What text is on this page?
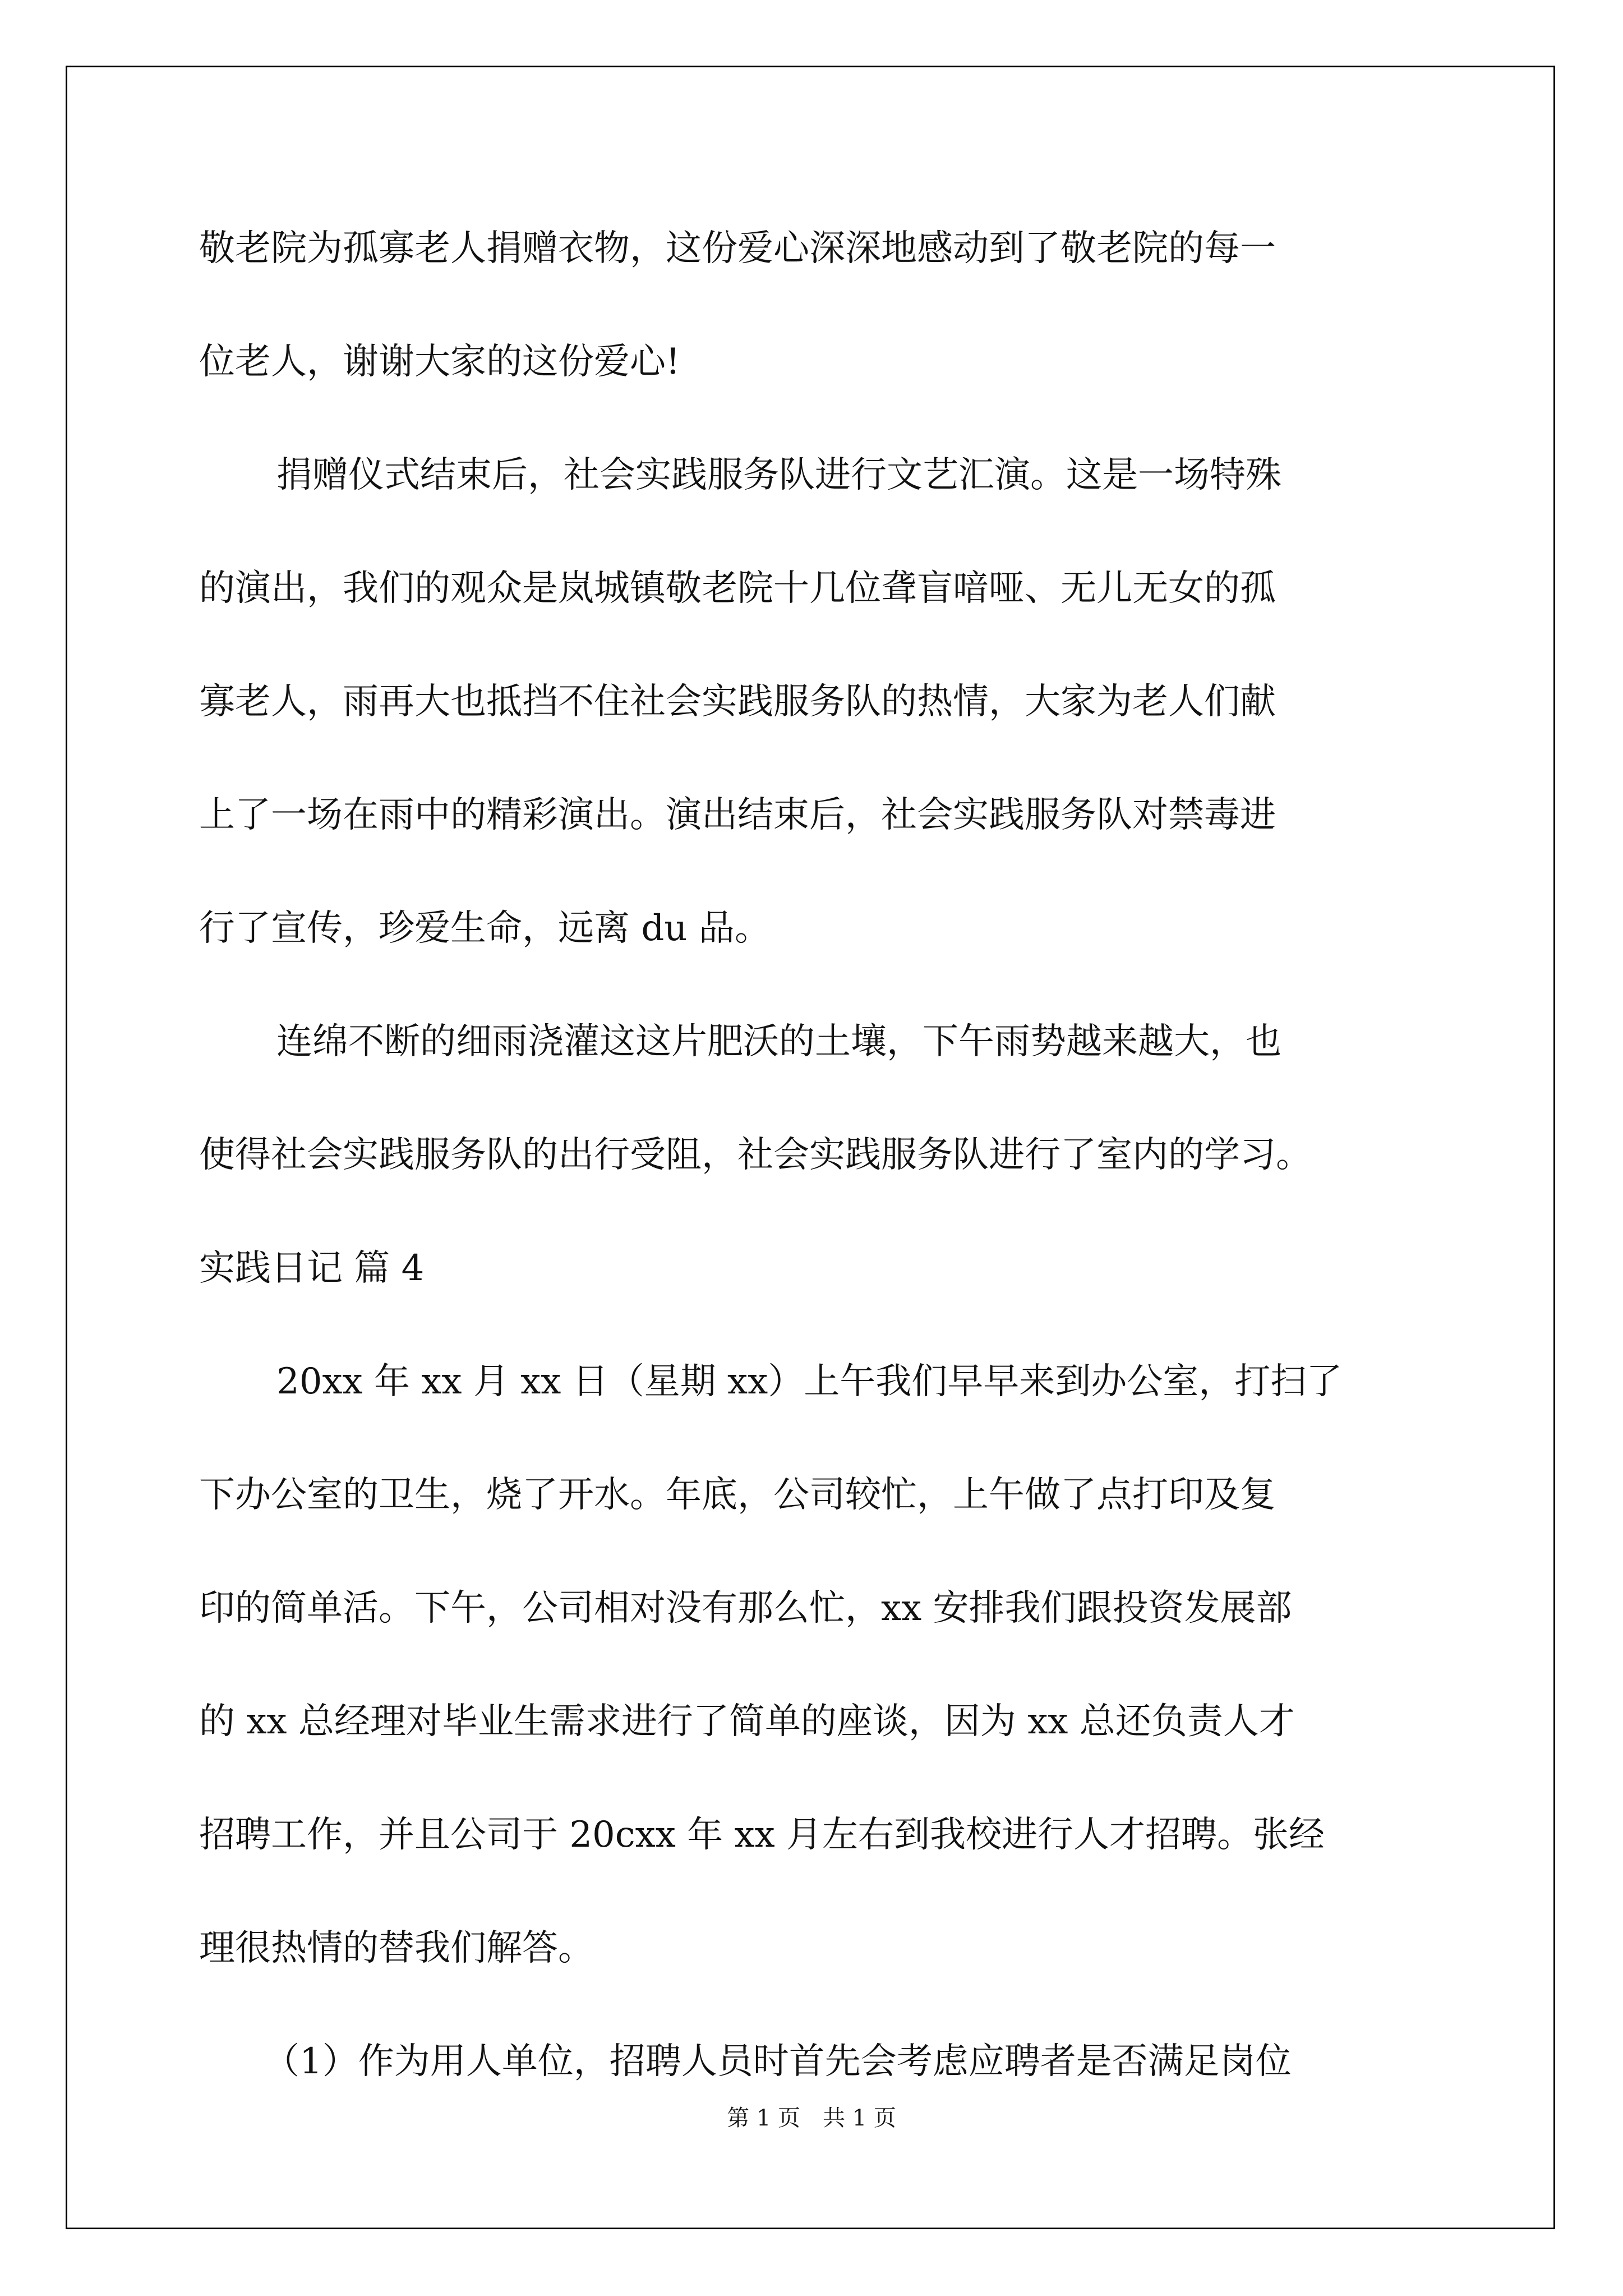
敬老院为孤寡老人捐赠衣物，这份爱心深深地感动到了敬老院的每一
位老人，谢谢大家的这份爱心!
捐赠仪式结束后，社会实践服务队进行文艺汇演。这是一场特殊
的演出，我们的观众是岚城镇敬老院十几位聋盲喑哑、无儿无女的孤
寡老人，雨再大也抵挡不住社会实践服务队的热情，大家为老人们献
上了一场在雨中的精彩演出。演出结束后，社会实践服务队对禁毒进
行了宣传，珍爱生命，远离 du 品。
连绵不断的细雨浇灌这这片肥沃的土壤，下午雨势越来越大，也
使得社会实践服务队的出行受阻，社会实践服务队进行了室内的学习。
实践日记 篇 4
20xx 年 xx 月 xx 日（星期 xx）上午我们早早来到办公室，打扫了
下办公室的卫生，烧了开水。年底，公司较忙，上午做了点打印及复
印的简单活。下午，公司相对没有那么忙，xx 安排我们跟投资发展部
的 xx 总经理对毕业生需求进行了简单的座谈，因为 xx 总还负责人才
招聘工作，并且公司于 20cxx 年 xx 月左右到我校进行人才招聘。张经
理很热情的替我们解答。
（1）作为用人单位，招聘人员时首先会考虑应聘者是否满足岗位
第 1 页　共 1 页
